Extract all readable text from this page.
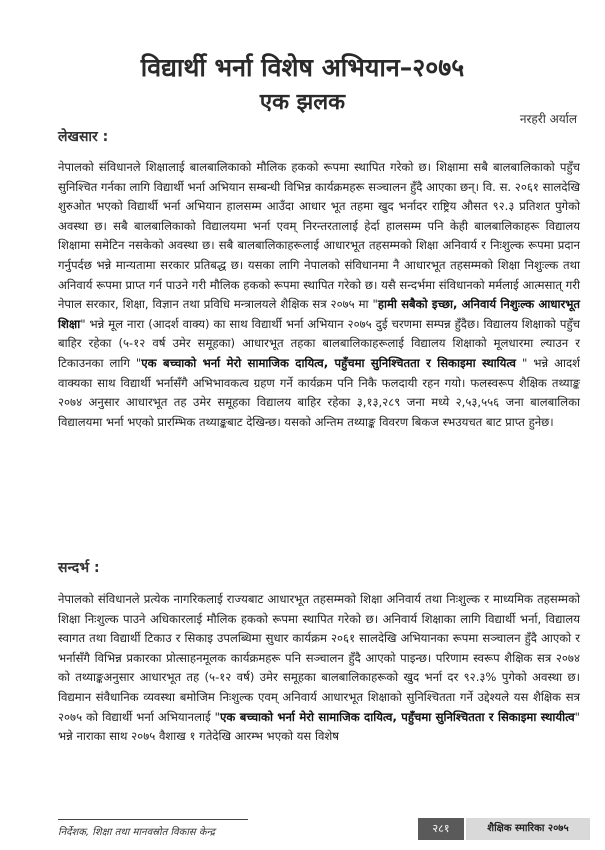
विद्यार्थी भर्ना विशेष अभियान–२०७५
एक झलक
नरहरी अर्याल
लेखसार :
नेपालको संविधानले शिक्षालाई बालबालिकाको मौलिक हकको रूपमा स्थापित गरेको छ। शिक्षामा सबै बालबालिकाको पहुँच सुनिश्चित गर्नका लागि विद्यार्थी भर्ना अभियान सम्बन्धी विभिन्न कार्यक्रमहरू सञ्चालन हुँदै आएका छन्। वि. स. २०६१ सालदेखि शुरुओत भएको विद्यार्थी भर्ना अभियान हालसम्म आउँदा आधार भूत तहमा खुद भर्नादर राष्ट्रिय औसत ९२.३ प्रतिशत पुगेको अवस्था छ। सबै बालबालिकाको विद्यालयमा भर्ना एवम् निरन्तरतालाई हेर्दा हालसम्म पनि केही बालबालिकाहरू विद्यालय शिक्षामा समेटिन नसकेको अवस्था छ। सबै बालबालिकाहरूलाई आधारभूत तहसम्मको शिक्षा अनिवार्य र निःशुल्क रूपमा प्रदान गर्नुपर्दछ भन्ने मान्यतामा सरकार प्रतिबद्ध छ। यसका लागि नेपालको संविधानमा नै आधारभूत तहसम्मको शिक्षा निशुःल्क तथा अनिवार्य रूपमा प्राप्त गर्न पाउने गरी मौलिक हकको रूपमा स्थापित गरेको छ। यसै सन्दर्भमा संविधानको मर्मलाई आत्मसात् गरी नेपाल सरकार, शिक्षा, विज्ञान तथा प्रविधि मन्त्रालयले शैक्षिक सत्र २०७५ मा "हामी सबैको इच्छा, अनिवार्य निशुःल्क आधारभूत शिक्षा" भन्ने मूल नारा (आदर्श वाक्य) का साथ विद्यार्थी भर्ना अभियान २०७५ दुई चरणमा सम्पन्न हुँदैछ। विद्यालय शिक्षाको पहुँच बाहिर रहेका (५-१२ वर्ष उमेर समूहका) आधारभूत तहका बालबालिकाहरूलाई विद्यालय शिक्षाको मूलधारमा ल्याउन र टिकाउनका लागि "एक बच्चाको भर्ना मेरो सामाजिक दायित्व, पहुँचमा सुनिश्चितता र सिकाइमा स्थायित्व " भन्ने आदर्श वाक्यका साथ विद्यार्थी भर्नासँगै अभिभावकत्व ग्रहण गर्ने कार्यक्रम पनि निकै फलदायी रहन गयो। फलस्वरूप शैक्षिक तथ्याङ्क २०७४ अनुसार आधारभूत तह उमेर समूहका विद्यालय बाहिर रहेका ३,१३,२८९ जना मध्ये २,५३,५५६ जना बालबालिका विद्यालयमा भर्ना भएको प्रारम्भिक तथ्याङ्कबाट देखिन्छ। यसको अन्तिम तथ्याङ्क विवरण बिकज स्भउयचत बाट प्राप्त हुनेछ।
सन्दर्भ :
नेपालको संविधानले प्रत्येक नागरिकलाई राज्यबाट आधारभूत तहसम्मको शिक्षा अनिवार्य तथा निःशुल्क र माध्यमिक तहसम्मको शिक्षा निःशुल्क पाउने अधिकारलाई मौलिक हकको रूपमा स्थापित गरेको छ। अनिवार्य शिक्षाका लागि विद्यार्थी भर्ना, विद्यालय स्वागत तथा विद्यार्थी टिकाउ र सिकाइ उपलब्धिमा सुधार कार्यक्रम २०६१ सालदेखि अभियानका रूपमा सञ्चालन हुँदै आएको र भर्नासँगै विभिन्न प्रकारका प्रोत्साहनमूलक कार्यक्रमहरू पनि सञ्चालन हुँदै आएको पाइन्छ। परिणाम स्वरूप शैक्षिक सत्र २०७४ को तथ्याङ्कअनुसार आधारभूत तह (५-१२ वर्ष) उमेर समूहका बालबालिकाहरूको खुद भर्ना दर ९२.३% पुगेको अवस्था छ। विद्यमान संवैधानिक व्यवस्था बमोजिम निःशुल्क एवम् अनिवार्य आधारभूत शिक्षाको सुनिश्चितता गर्ने उद्देश्यले यस शैक्षिक सत्र २०७५ को विद्यार्थी भर्ना अभियानलाई "एक बच्चाको भर्ना मेरो सामाजिक दायित्व, पहुँचमा सुनिश्चितता र सिकाइमा स्थायीत्व" भन्ने नाराका साथ २०७५ वैशाख १ गतेदेखि आरम्भ भएको यस विशेष
निर्देशक, शिक्षा तथा मानवस्रोत विकास केन्द्र	२८१	शैक्षिक स्मारिका २०७५
